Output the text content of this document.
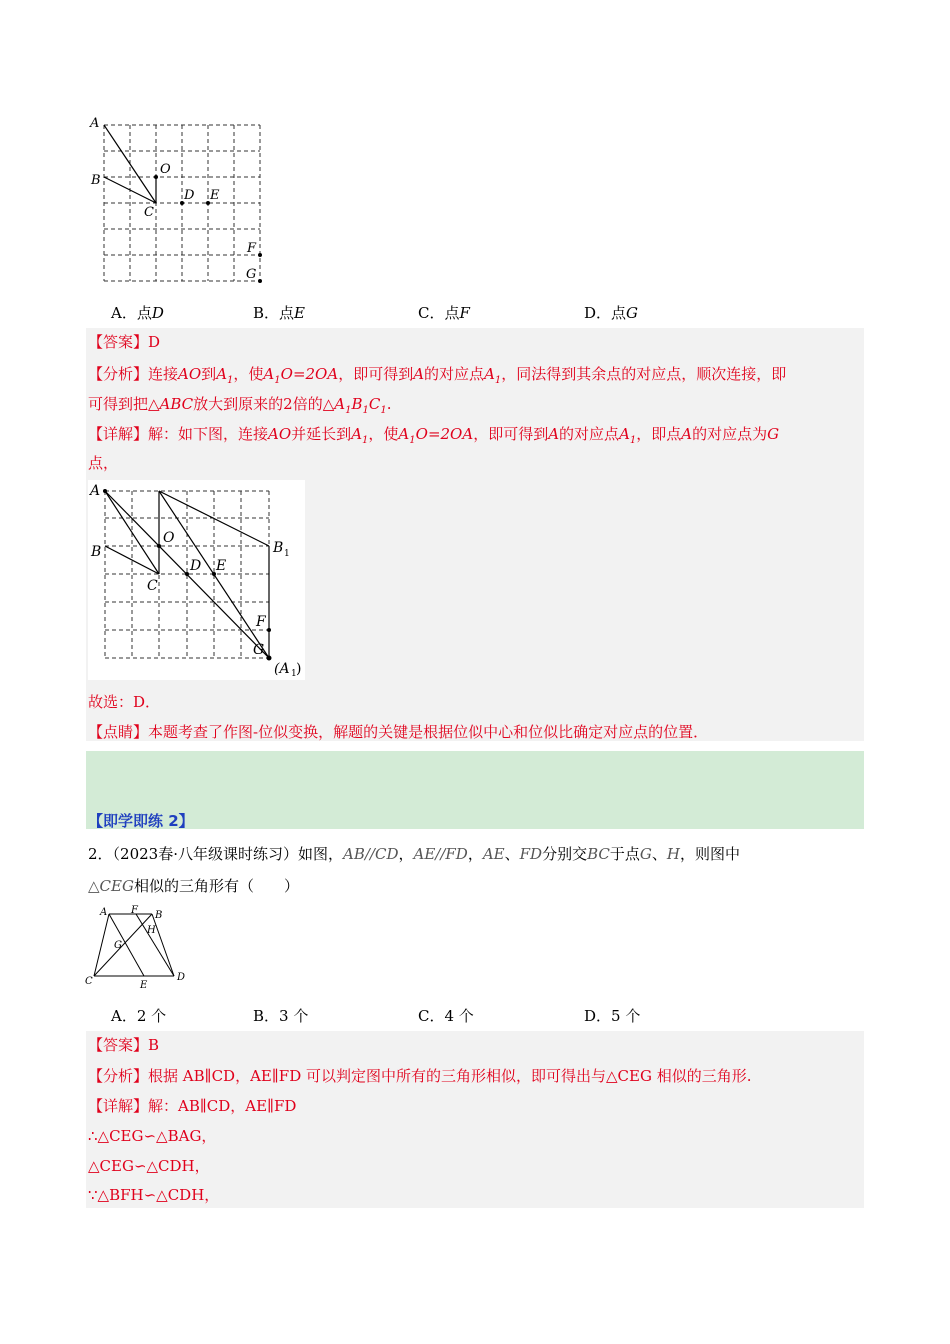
A
B
C
O
D E
F
G
A．点D	B．点E	C．点F	D．点G
【答案】D
【分析】连接AO到$A_1$，使$A_1O=2OA$，即可得到A的对应点$A_1$，同法得到其余点的对应点，顺次连接，即
可得到把△ABC放大到原来的2倍的$\triangle A_1B_1C_1$.
【详解】解：如下图，连接AO并延长到$A_1$，使$A_1O=2OA$，即可得到A的对应点$A_1$，即点A的对应点为G
点，
A
B
C
O
D E
F
G
B 1
(A 1 )
故选：D．
【点睛】本题考查了作图-位似变换，解题的关键是根据位似中心和位似比确定对应点的位置．
【即学即练 2】
2．（2023春·八年级课时练习）如图，AB//CD，AE//FD，AE、FD分别交BC于点G、H，则图中
△CEG相似的三角形有（　　）
A F B
G
H
C	E
D
A．2 个	B．3 个	C．4 个	D．5 个
【答案】B
【分析】根据 AB∥CD，AE∥FD 可以判定图中所有的三角形相似，即可得出与△CEG 相似的三角形.
【详解】解：AB∥CD，AE∥FD
∴△CEG∽△BAG，
△CEG∽△CDH，
∵△BFH∽△CDH，
